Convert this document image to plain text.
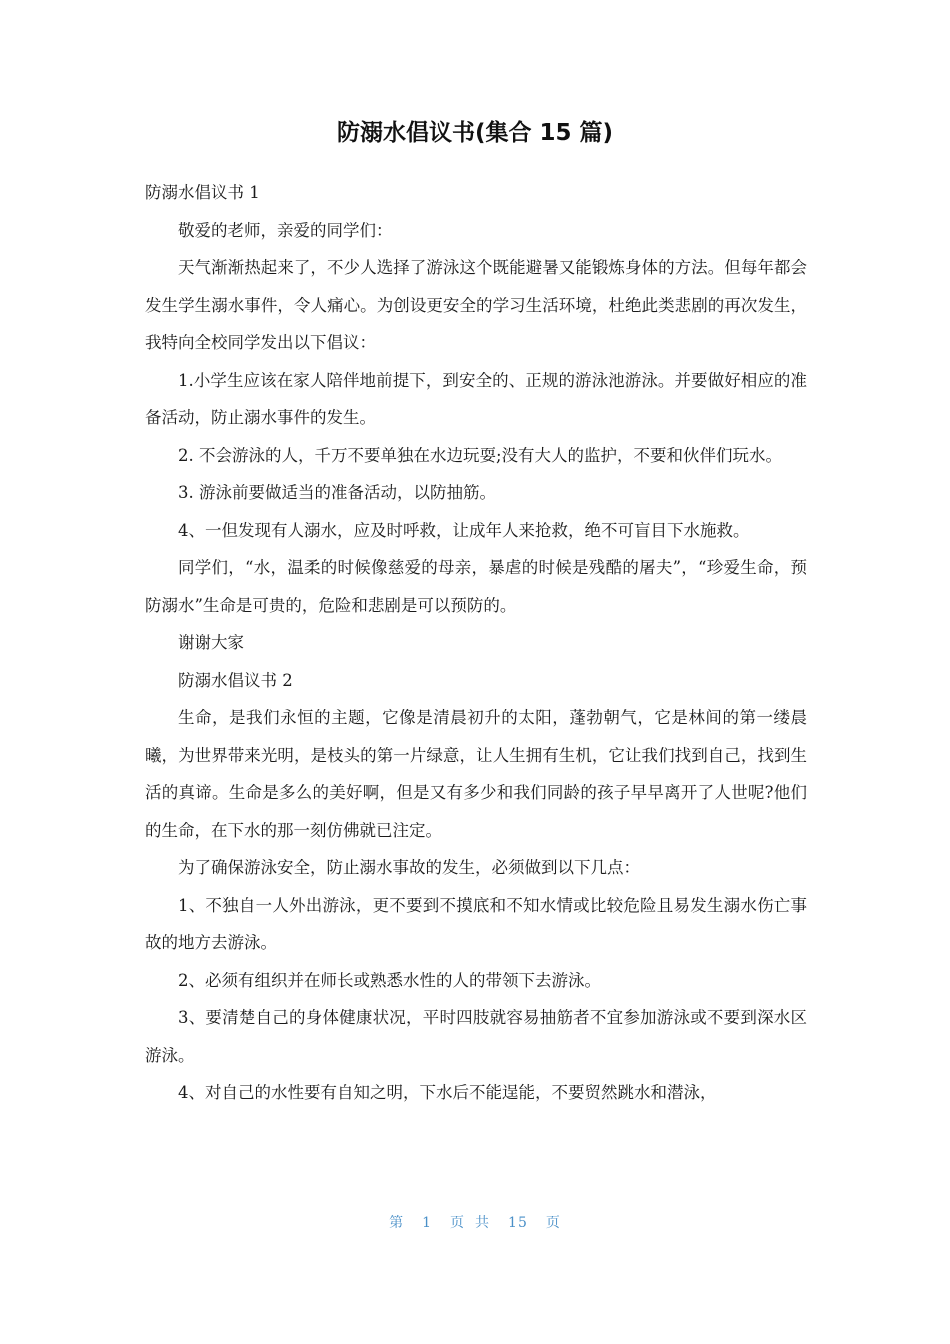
防溺水倡议书(集合 15 篇)

防溺水倡议书 1

敬爱的老师，亲爱的同学们：

天气渐渐热起来了，不少人选择了游泳这个既能避暑又能锻炼身体的方法。但每年都会发生学生溺水事件，令人痛心。为创设更安全的学习生活环境，杜绝此类悲剧的再次发生，我特向全校同学发出以下倡议：

1.小学生应该在家人陪伴地前提下，到安全的、正规的游泳池游泳。并要做好相应的准备活动，防止溺水事件的发生。

2. 不会游泳的人，千万不要单独在水边玩耍;没有大人的监护，不要和伙伴们玩水。

3. 游泳前要做适当的准备活动，以防抽筋。

4、一但发现有人溺水，应及时呼救，让成年人来抢救，绝不可盲目下水施救。

同学们，“水，温柔的时候像慈爱的母亲，暴虐的时候是残酷的屠夫”，“珍爱生命，预防溺水”生命是可贵的，危险和悲剧是可以预防的。

谢谢大家

防溺水倡议书 2

生命，是我们永恒的主题，它像是清晨初升的太阳，蓬勃朝气，它是林间的第一缕晨曦，为世界带来光明，是枝头的第一片绿意，让人生拥有生机，它让我们找到自己，找到生活的真谛。生命是多么的美好啊，但是又有多少和我们同龄的孩子早早离开了人世呢?他们的生命，在下水的那一刻仿佛就已注定。

为了确保游泳安全，防止溺水事故的发生，必须做到以下几点：

1、不独自一人外出游泳，更不要到不摸底和不知水情或比较危险且易发生溺水伤亡事故的地方去游泳。

2、必须有组织并在师长或熟悉水性的人的带领下去游泳。

3、要清楚自己的身体健康状况，平时四肢就容易抽筋者不宜参加游泳或不要到深水区游泳。

4、对自己的水性要有自知之明，下水后不能逞能，不要贸然跳水和潜泳，

第 1 页 共 15 页
